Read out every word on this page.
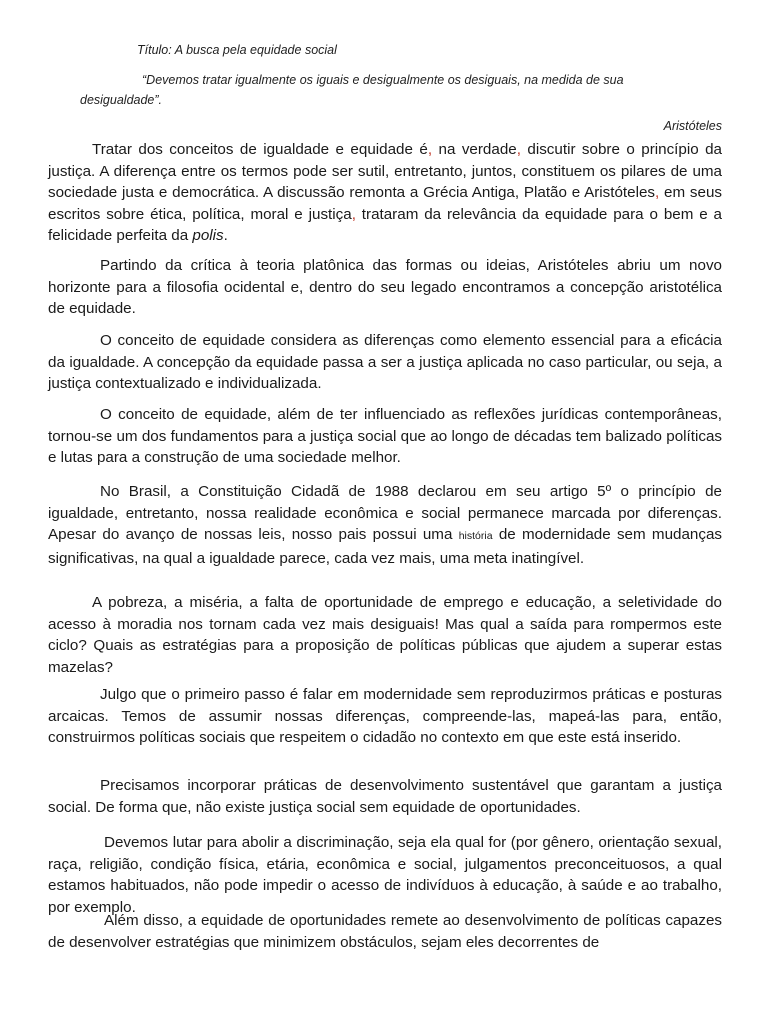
Título: A busca pela equidade social
“Devemos tratar igualmente os iguais e desigualmente os desiguais, na medida de sua desigualdade”.
Aristóteles

Tratar dos conceitos de igualdade e equidade é, na verdade, discutir sobre o princípio da justiça. A diferença entre os termos pode ser sutil, entretanto, juntos, constituem os pilares de uma sociedade justa e democrática. A discussão remonta a Grécia Antiga, Platão e Aristóteles, em seus escritos sobre ética, política, moral e justiça, trataram da relevância da equidade para o bem e a felicidade perfeita da polis.

Partindo da crítica à teoria platônica das formas ou ideias, Aristóteles abriu um novo horizonte para a filosofia ocidental e, dentro do seu legado encontramos a concepção aristotélica de equidade.

O conceito de equidade considera as diferenças como elemento essencial para a eficácia da igualdade. A concepção da equidade passa a ser a justiça aplicada no caso particular, ou seja, a justiça contextualizado e individualizada.

O conceito de equidade, além de ter influenciado as reflexões jurídicas contemporâneas, tornou-se um dos fundamentos para a justiça social que ao longo de décadas tem balizado políticas e lutas para a construção de uma sociedade melhor.

No Brasil, a Constituição Cidadã de 1988 declarou em seu artigo 5º o princípio de igualdade, entretanto, nossa realidade econômica e social permanece marcada por diferenças. Apesar do avanço de nossas leis, nosso pais possui uma história de modernidade sem mudanças significativas, na qual a igualdade parece, cada vez mais, uma meta inatingível.

A pobreza, a miséria, a falta de oportunidade de emprego e educação, a seletividade do acesso à moradia nos tornam cada vez mais desiguais! Mas qual a saída para rompermos este ciclo? Quais as estratégias para a proposição de políticas públicas que ajudem a superar estas mazelas?

Julgo que o primeiro passo é falar em modernidade sem reproduzirmos práticas e posturas arcaicas. Temos de assumir nossas diferenças, compreende-las, mapeá-las para, então, construirmos políticas sociais que respeitem o cidadão no contexto em que este está inserido.

Precisamos incorporar práticas de desenvolvimento sustentável que garantam a justiça social. De forma que, não existe justiça social sem equidade de oportunidades.

Devemos lutar para abolir a discriminação, seja ela qual for (por gênero, orientação sexual, raça, religião, condição física, etária, econômica e social, julgamentos preconceituosos, a qual estamos habituados, não pode impedir o acesso de indivíduos à educação, à saúde e ao trabalho, por exemplo.

Além disso, a equidade de oportunidades remete ao desenvolvimento de políticas capazes de desenvolver estratégias que minimizem obstáculos, sejam eles decorrentes de
